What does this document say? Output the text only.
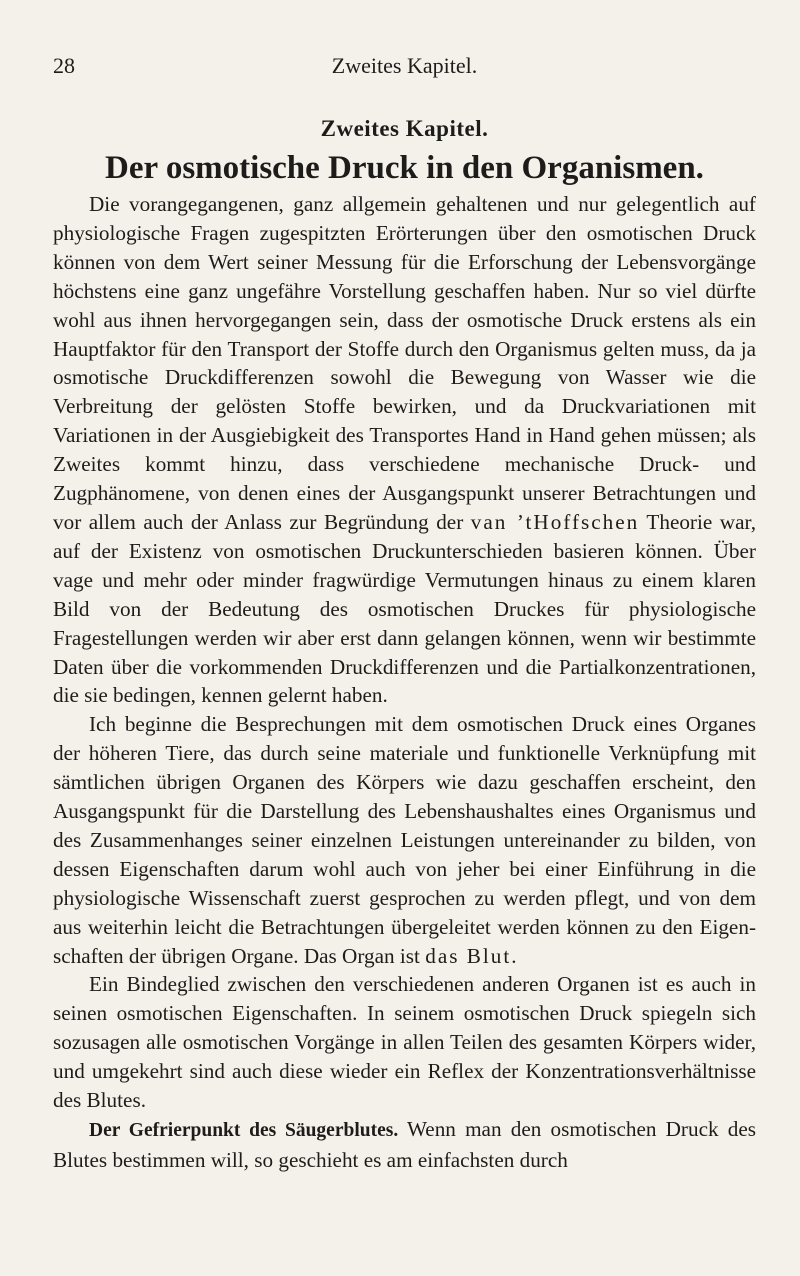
28	Zweites Kapitel.
Zweites Kapitel.
Der osmotische Druck in den Organismen.

Die vorangegangenen, ganz allgemein gehaltenen und nur gelegentlich auf physiologische Fragen zugespitzten Erörterungen über den osmotischen Druck können von dem Wert seiner Messung für die Erforschung der Lebensvorgänge höchstens eine ganz ungefähre Vorstellung geschaffen haben. Nur so viel dürfte wohl aus ihnen hervorgegangen sein, dass der osmotische Druck erstens als ein Hauptfaktor für den Transport der Stoffe durch den Organismus gelten muss, da ja osmotische Druckdifferenzen sowohl die Bewegung von Wasser wie die Verbreitung der gelösten Stoffe bewirken, und da Druckvariationen mit Variationen in der Ausgiebigkeit des Transportes Hand in Hand gehen müssen; als Zweites kommt hinzu, dass verschiedene mechanische Druck- und Zugphänomene, von denen eines der Ausgangspunkt unserer Betrachtungen und vor allem auch der Anlass zur Begründung der van ’tHoffschen Theorie war, auf der Existenz von osmotischen Druckunterschieden basieren können. Über vage und mehr oder minder fragwürdige Vermutungen hinaus zu einem klaren Bild von der Bedeutung des osmotischen Druckes für physiologische Fragestellungen werden wir aber erst dann gelangen können, wenn wir bestimmte Daten über die vorkommenden Druckdifferenzen und die Partialkonzentrationen, die sie bedingen, kennen gelernt haben.

Ich beginne die Besprechungen mit dem osmotischen Druck eines Organes der höheren Tiere, das durch seine materiale und funktionelle Verknüpfung mit sämtlichen übrigen Organen des Körpers wie dazu geschaffen erscheint, den Ausgangspunkt für die Darstellung des Lebenshaushaltes eines Organismus und des Zusammenhanges seiner einzelnen Leistungen untereinander zu bilden, von dessen Eigenschaften darum wohl auch von jeher bei einer Einführung in die physiologische Wissenschaft zuerst gesprochen zu werden pflegt, und von dem aus weiterhin leicht die Betrachtungen übergeleitet werden können zu den Eigenschaften der übrigen Organe. Das Organ ist das Blut.

Ein Bindeglied zwischen den verschiedenen anderen Organen ist es auch in seinen osmotischen Eigenschaften. In seinem osmotischen Druck spiegeln sich sozusagen alle osmotischen Vorgänge in allen Teilen des gesamten Körpers wider, und umgekehrt sind auch diese wieder ein Reflex der Konzentrationsverhältnisse des Blutes.

Der Gefrierpunkt des Säugerblutes. Wenn man den osmotischen Druck des Blutes bestimmen will, so geschieht es am einfachsten durch
